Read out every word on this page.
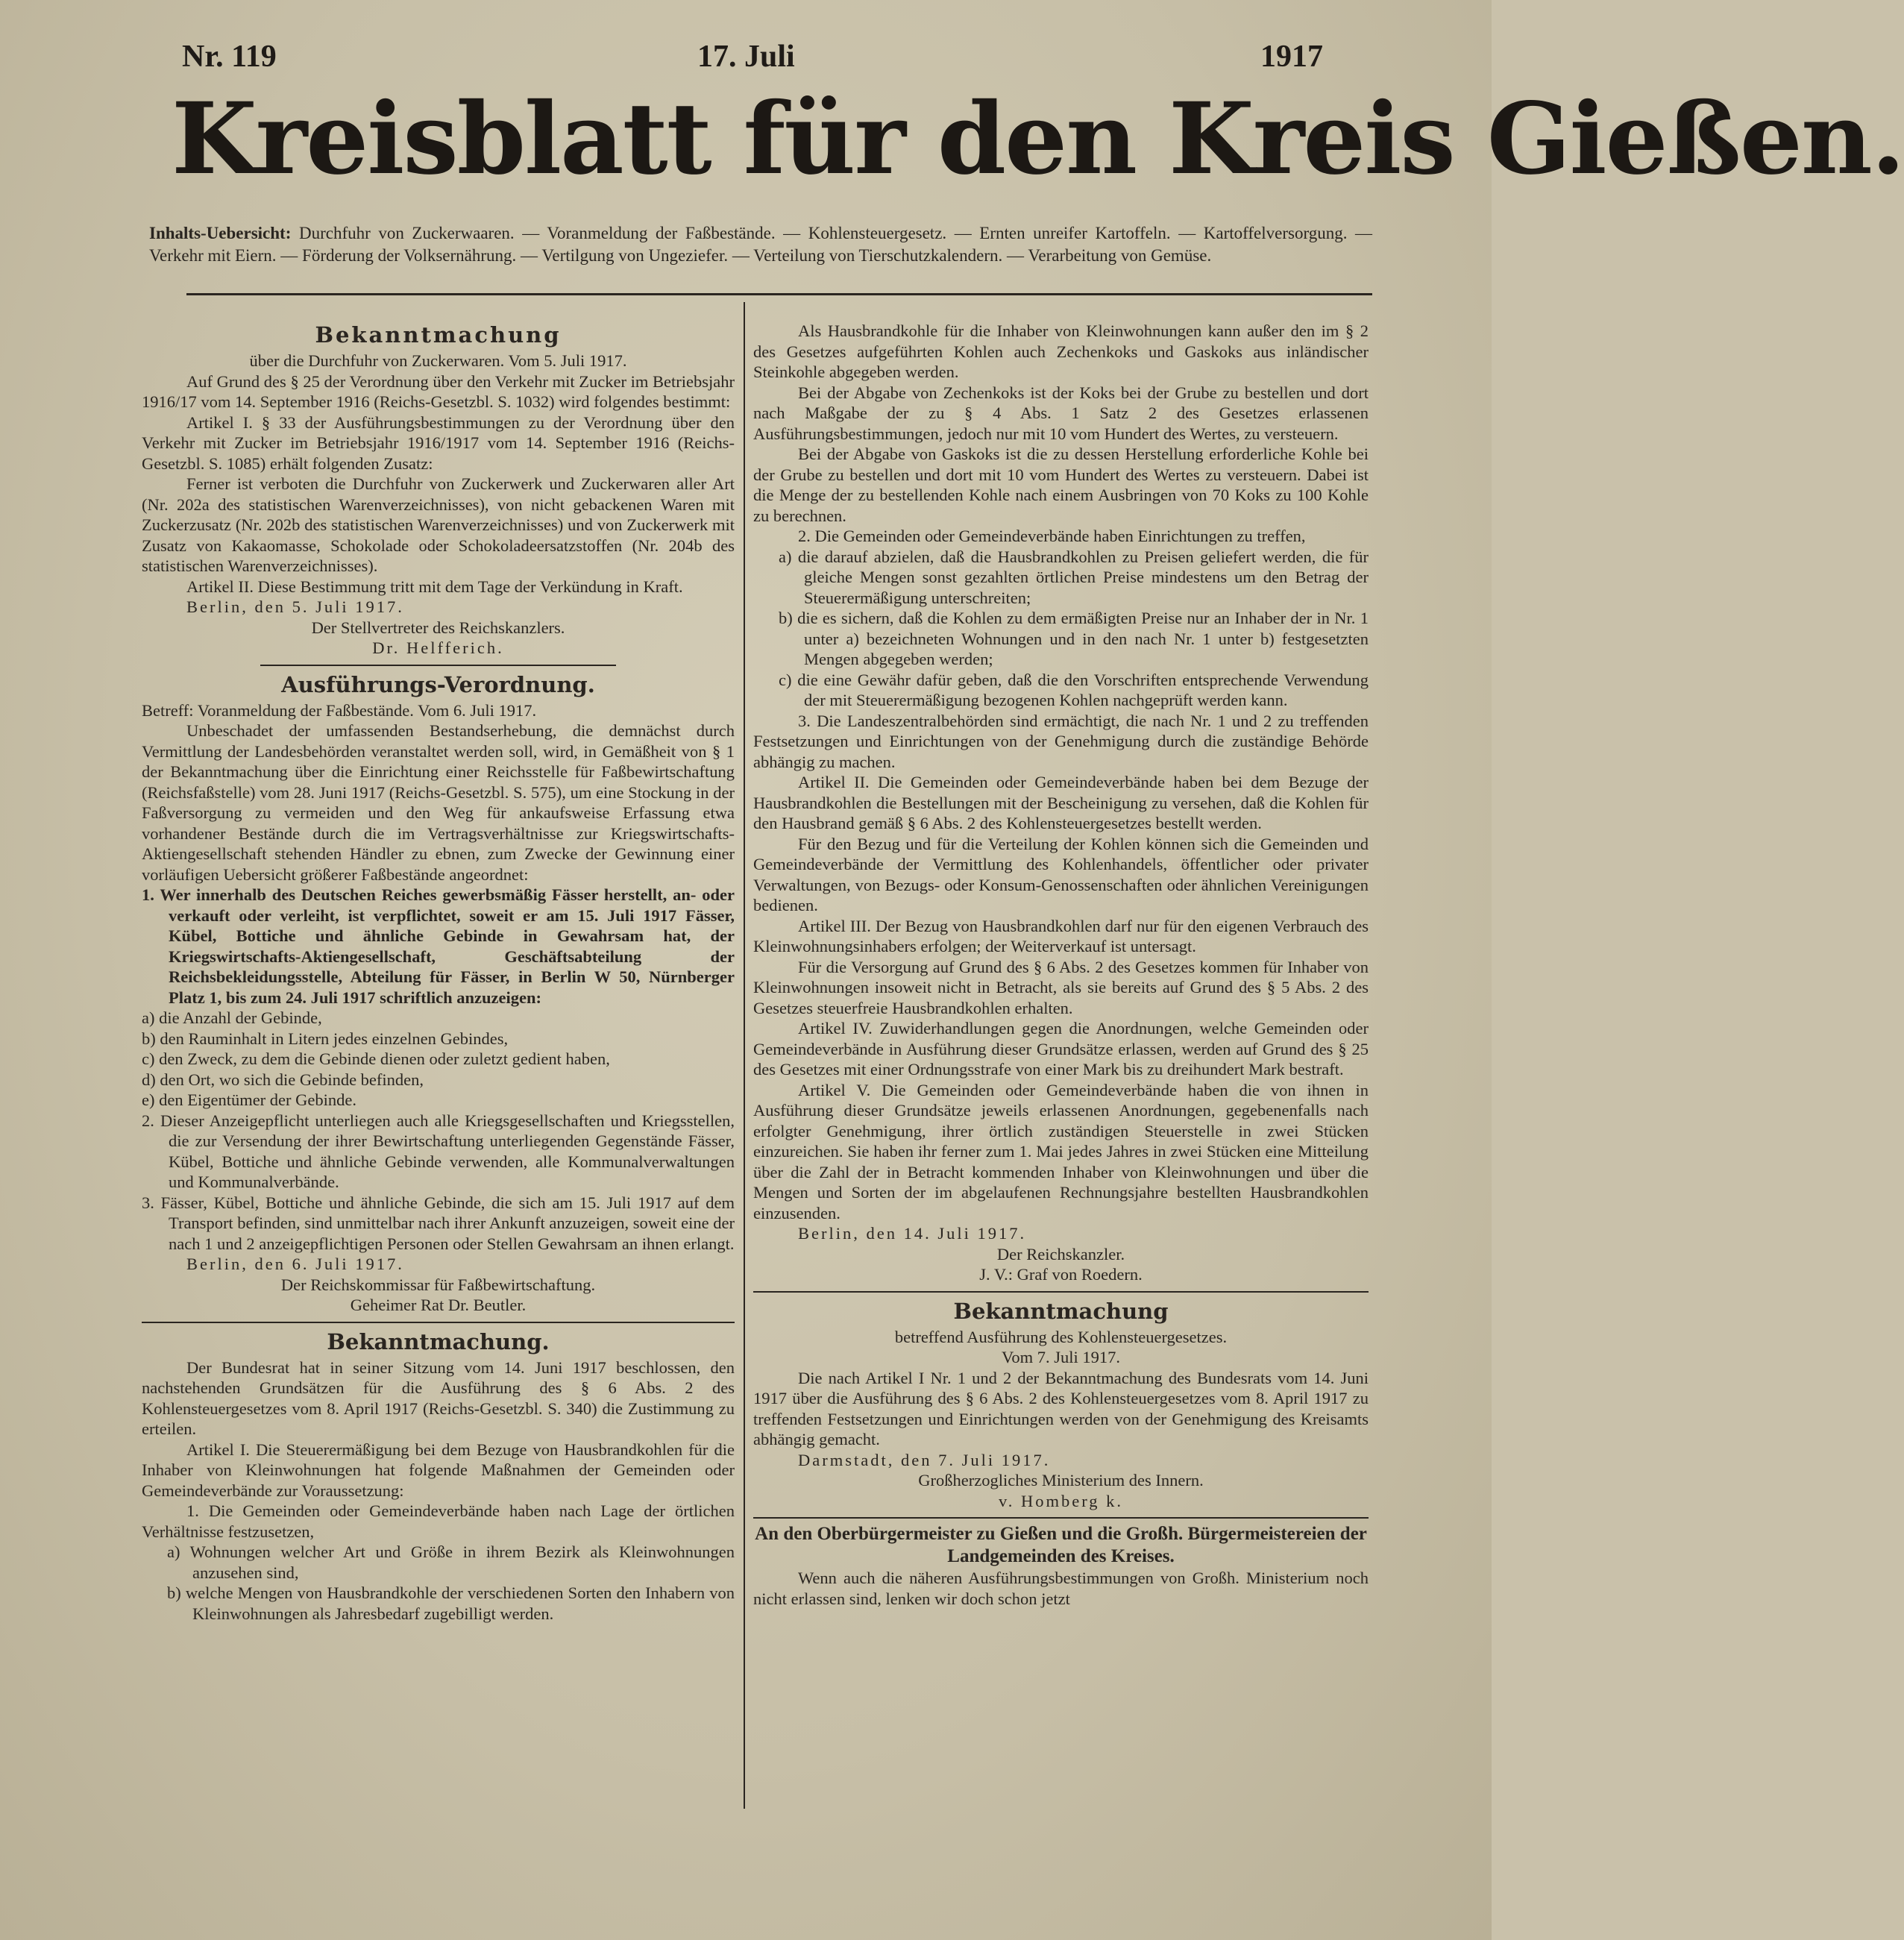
Nr. 119	17. Juli	1917
Kreisblatt für den Kreis Gießen.
Inhalts-Uebersicht: Durchfuhr von Zuckerwaaren. — Voranmeldung der Faßbestände. — Kohlensteuergesetz. — Ernten unreifer Kartoffeln. — Kartoffelversorgung. — Verkehr mit Eiern. — Förderung der Volksernährung. — Vertilgung von Ungeziefer. — Verteilung von Tierschutzkalendern. — Verarbeitung von Gemüse.

Bekanntmachung

über die Durchfuhr von Zuckerwaren. Vom 5. Juli 1917.

Auf Grund des § 25 der Verordnung über den Verkehr mit Zucker im Betriebsjahr 1916/17 vom 14. September 1916 (Reichs-Gesetzbl. S. 1032) wird folgendes bestimmt:

Artikel I. § 33 der Ausführungsbestimmungen zu der Verordnung über den Verkehr mit Zucker im Betriebsjahr 1916/1917 vom 14. September 1916 (Reichs-Gesetzbl. S. 1085) erhält folgenden Zusatz:

Ferner ist verboten die Durchfuhr von Zuckerwerk und Zuckerwaren aller Art (Nr. 202a des statistischen Warenverzeichnisses), von nicht gebackenen Waren mit Zuckerzusatz (Nr. 202b des statistischen Warenverzeichnisses) und von Zuckerwerk mit Zusatz von Kakaomasse, Schokolade oder Schokoladeersatzstoffen (Nr. 204b des statistischen Warenverzeichnisses).

Artikel II. Diese Bestimmung tritt mit dem Tage der Verkündung in Kraft.

Berlin, den 5. Juli 1917.

Der Stellvertreter des Reichskanzlers.

Dr. Helfferich.

Ausführungs-Verordnung.

Betreff: Voranmeldung der Faßbestände. Vom 6. Juli 1917.

Unbeschadet der umfassenden Bestandserhebung, die demnächst durch Vermittlung der Landesbehörden veranstaltet werden soll, wird, in Gemäßheit von § 1 der Bekanntmachung über die Einrichtung einer Reichsstelle für Faßbewirtschaftung (Reichsfaßstelle) vom 28. Juni 1917 (Reichs-Gesetzbl. S. 575), um eine Stockung in der Faßversorgung zu vermeiden und den Weg für ankaufsweise Erfassung etwa vorhandener Bestände durch die im Vertragsverhältnisse zur Kriegswirtschafts-Aktiengesellschaft stehenden Händler zu ebnen, zum Zwecke der Gewinnung einer vorläufigen Uebersicht größerer Faßbestände angeordnet:

1. Wer innerhalb des Deutschen Reiches gewerbsmäßig Fässer herstellt, an- oder verkauft oder verleiht, ist verpflichtet, soweit er am 15. Juli 1917 Fässer, Kübel, Bottiche und ähnliche Gebinde in Gewahrsam hat, der Kriegswirtschafts-Aktiengesellschaft, Geschäftsabteilung der Reichsbekleidungsstelle, Abteilung für Fässer, in Berlin W 50, Nürnberger Platz 1, bis zum 24. Juli 1917 schriftlich anzuzeigen:

a) die Anzahl der Gebinde,

b) den Rauminhalt in Litern jedes einzelnen Gebindes,

c) den Zweck, zu dem die Gebinde dienen oder zuletzt gedient haben,

d) den Ort, wo sich die Gebinde befinden,

e) den Eigentümer der Gebinde.

2. Dieser Anzeigepflicht unterliegen auch alle Kriegsgesellschaften und Kriegsstellen, die zur Versendung der ihrer Bewirtschaftung unterliegenden Gegenstände Fässer, Kübel, Bottiche und ähnliche Gebinde verwenden, alle Kommunalverwaltungen und Kommunalverbände.

3. Fässer, Kübel, Bottiche und ähnliche Gebinde, die sich am 15. Juli 1917 auf dem Transport befinden, sind unmittelbar nach ihrer Ankunft anzuzeigen, soweit eine der nach 1 und 2 anzeigepflichtigen Personen oder Stellen Gewahrsam an ihnen erlangt.

Berlin, den 6. Juli 1917.

Der Reichskommissar für Faßbewirtschaftung.

Geheimer Rat Dr. Beutler.

Bekanntmachung.

Der Bundesrat hat in seiner Sitzung vom 14. Juni 1917 beschlossen, den nachstehenden Grundsätzen für die Ausführung des § 6 Abs. 2 des Kohlensteuergesetzes vom 8. April 1917 (Reichs-Gesetzbl. S. 340) die Zustimmung zu erteilen.

Artikel I. Die Steuerermäßigung bei dem Bezuge von Hausbrandkohlen für die Inhaber von Kleinwohnungen hat folgende Maßnahmen der Gemeinden oder Gemeindeverbände zur Voraussetzung:

1. Die Gemeinden oder Gemeindeverbände haben nach Lage der örtlichen Verhältnisse festzusetzen,

a) Wohnungen welcher Art und Größe in ihrem Bezirk als Kleinwohnungen anzusehen sind,

b) welche Mengen von Hausbrandkohle der verschiedenen Sorten den Inhabern von Kleinwohnungen als Jahresbedarf zugebilligt werden.

Als Hausbrandkohle für die Inhaber von Kleinwohnungen kann außer den im § 2 des Gesetzes aufgeführten Kohlen auch Zechenkoks und Gaskoks aus inländischer Steinkohle abgegeben werden.

Bei der Abgabe von Zechenkoks ist der Koks bei der Grube zu bestellen und dort nach Maßgabe der zu § 4 Abs. 1 Satz 2 des Gesetzes erlassenen Ausführungsbestimmungen, jedoch nur mit 10 vom Hundert des Wertes, zu versteuern.

Bei der Abgabe von Gaskoks ist die zu dessen Herstellung erforderliche Kohle bei der Grube zu bestellen und dort mit 10 vom Hundert des Wertes zu versteuern. Dabei ist die Menge der zu bestellenden Kohle nach einem Ausbringen von 70 Koks zu 100 Kohle zu berechnen.

2. Die Gemeinden oder Gemeindeverbände haben Einrichtungen zu treffen,

a) die darauf abzielen, daß die Hausbrandkohlen zu Preisen geliefert werden, die für gleiche Mengen sonst gezahlten örtlichen Preise mindestens um den Betrag der Steuerermäßigung unterschreiten;

b) die es sichern, daß die Kohlen zu dem ermäßigten Preise nur an Inhaber der in Nr. 1 unter a) bezeichneten Wohnungen und in den nach Nr. 1 unter b) festgesetzten Mengen abgegeben werden;

c) die eine Gewähr dafür geben, daß die den Vorschriften entsprechende Verwendung der mit Steuerermäßigung bezogenen Kohlen nachgeprüft werden kann.

3. Die Landeszentralbehörden sind ermächtigt, die nach Nr. 1 und 2 zu treffenden Festsetzungen und Einrichtungen von der Genehmigung durch die zuständige Behörde abhängig zu machen.

Artikel II. Die Gemeinden oder Gemeindeverbände haben bei dem Bezuge der Hausbrandkohlen die Bestellungen mit der Bescheinigung zu versehen, daß die Kohlen für den Hausbrand gemäß § 6 Abs. 2 des Kohlensteuergesetzes bestellt werden.

Für den Bezug und für die Verteilung der Kohlen können sich die Gemeinden und Gemeindeverbände der Vermittlung des Kohlenhandels, öffentlicher oder privater Verwaltungen, von Bezugs- oder Konsum-Genossenschaften oder ähnlichen Vereinigungen bedienen.

Artikel III. Der Bezug von Hausbrandkohlen darf nur für den eigenen Verbrauch des Kleinwohnungsinhabers erfolgen; der Weiterverkauf ist untersagt.

Für die Versorgung auf Grund des § 6 Abs. 2 des Gesetzes kommen für Inhaber von Kleinwohnungen insoweit nicht in Betracht, als sie bereits auf Grund des § 5 Abs. 2 des Gesetzes steuerfreie Hausbrandkohlen erhalten.

Artikel IV. Zuwiderhandlungen gegen die Anordnungen, welche Gemeinden oder Gemeindeverbände in Ausführung dieser Grundsätze erlassen, werden auf Grund des § 25 des Gesetzes mit einer Ordnungsstrafe von einer Mark bis zu dreihundert Mark bestraft.

Artikel V. Die Gemeinden oder Gemeindeverbände haben die von ihnen in Ausführung dieser Grundsätze jeweils erlassenen Anordnungen, gegebenenfalls nach erfolgter Genehmigung, ihrer örtlich zuständigen Steuerstelle in zwei Stücken einzureichen. Sie haben ihr ferner zum 1. Mai jedes Jahres in zwei Stücken eine Mitteilung über die Zahl der in Betracht kommenden Inhaber von Kleinwohnungen und über die Mengen und Sorten der im abgelaufenen Rechnungsjahre bestellten Hausbrandkohlen einzusenden.

Berlin, den 14. Juli 1917.

Der Reichskanzler.

J. V.: Graf von Roedern.

Bekanntmachung

betreffend Ausführung des Kohlensteuergesetzes.

Vom 7. Juli 1917.

Die nach Artikel I Nr. 1 und 2 der Bekanntmachung des Bundesrats vom 14. Juni 1917 über die Ausführung des § 6 Abs. 2 des Kohlensteuergesetzes vom 8. April 1917 zu treffenden Festsetzungen und Einrichtungen werden von der Genehmigung des Kreisamts abhängig gemacht.

Darmstadt, den 7. Juli 1917.

Großherzogliches Ministerium des Innern.

v. Homberg k.

An den Oberbürgermeister zu Gießen und die Großh. Bürgermeistereien der Landgemeinden des Kreises.

Wenn auch die näheren Ausführungsbestimmungen von Großh. Ministerium noch nicht erlassen sind, lenken wir doch schon jetzt
